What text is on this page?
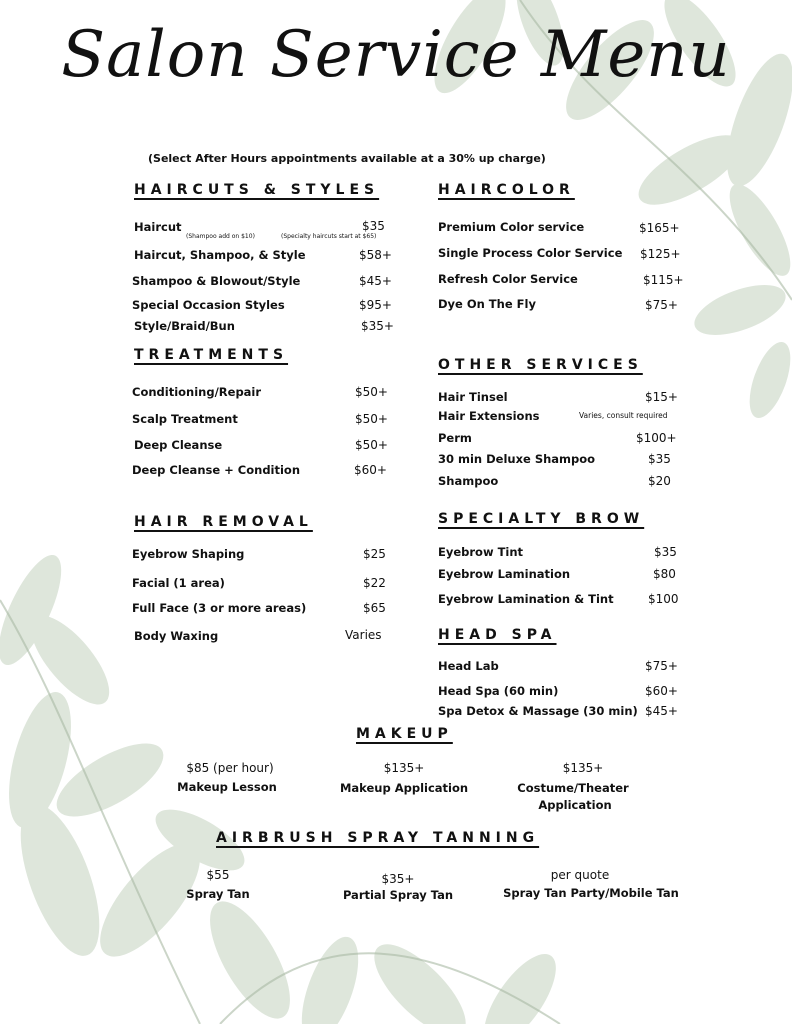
Salon Service Menu
(Select After Hours appointments available at a 30% up charge)
HAIRCUTS & STYLES
Haircut	$35
(Shampoo add on $10)	(Specialty haircuts start at $65)
Haircut, Shampoo, & Style	$58+
Shampoo & Blowout/Style	$45+
Special Occasion Styles	$95+
Style/Braid/Bun	$35+
HAIRCOLOR
Premium Color service	$165+
Single Process Color Service $125+
Refresh Color Service	$115+
Dye On The Fly	$75+
TREATMENTS
Conditioning/Repair	$50+
Scalp Treatment	$50+
Deep Cleanse	$50+
Deep Cleanse + Condition	$60+
OTHER SERVICES
Hair Tinsel	$15+
Hair Extensions	Varies, consult required
Perm	$100+
30 min Deluxe Shampoo	$35
Shampoo	$20
HAIR REMOVAL
Eyebrow Shaping	$25
Facial (1 area)	$22
Full Face (3 or more areas)	$65
Body Waxing	Varies
SPECIALTY BROW
Eyebrow Tint	$35
Eyebrow Lamination	$80
Eyebrow Lamination & Tint	$100
HEAD SPA
Head Lab	$75+
Head Spa (60 min)	$60+
Spa Detox & Massage (30 min) $45+
MAKEUP
$85 (per hour)
Makeup Lesson
$135+
Makeup Application
$135+
Costume/Theater
Application
AIRBRUSH SPRAY TANNING
$55
Spray Tan
$35+
Partial Spray Tan
per quote
Spray Tan Party/Mobile Tan
